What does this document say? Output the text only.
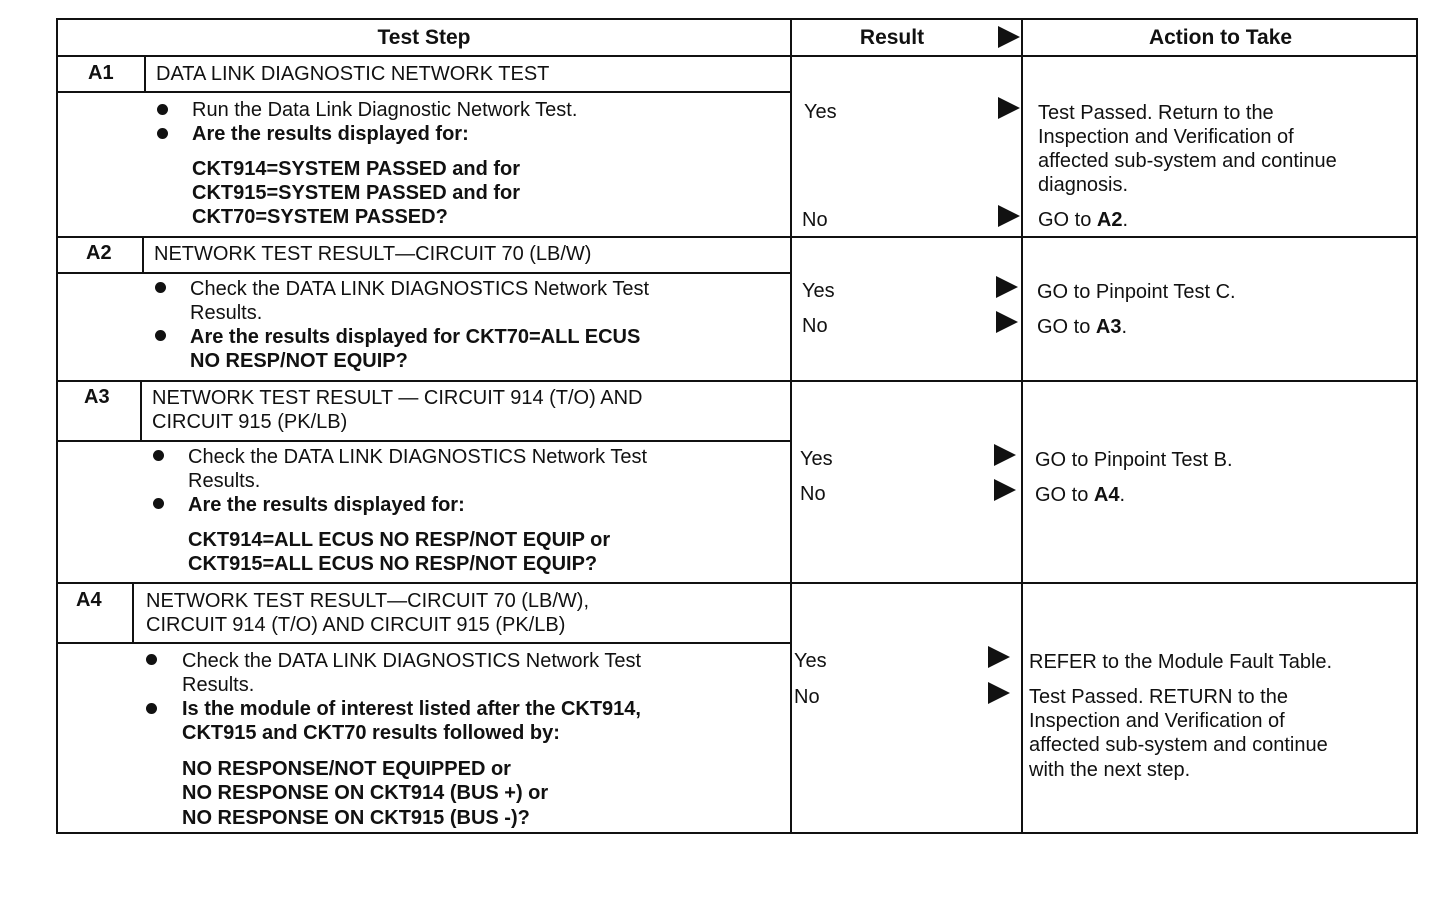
Test Step	Result	Action to Take
A1 DATA LINK DIAGNOSTIC NETWORK TEST
Run the Data Link Diagnostic Network Test.
Are the results displayed for:
CKT914=SYSTEM PASSED and for
CKT915=SYSTEM PASSED and for
CKT70=SYSTEM PASSED?
Yes
No
Test Passed. Return to the
Inspection and Verification of
affected sub-system and continue
diagnosis.
GO to A2.
A2 NETWORK TEST RESULT—CIRCUIT 70 (LB/W)
Check the DATA LINK DIAGNOSTICS Network Test
Results.
Are the results displayed for CKT70=ALL ECUS
NO RESP/NOT EQUIP?
Yes
No
GO to Pinpoint Test C.
GO to A3.
A3 NETWORK TEST RESULT — CIRCUIT 914 (T/O) AND
CIRCUIT 915 (PK/LB)
Check the DATA LINK DIAGNOSTICS Network Test
Results.
Are the results displayed for:
CKT914=ALL ECUS NO RESP/NOT EQUIP or
CKT915=ALL ECUS NO RESP/NOT EQUIP?
Yes
No
GO to Pinpoint Test B.
GO to A4.
A4 NETWORK TEST RESULT—CIRCUIT 70 (LB/W),
CIRCUIT 914 (T/O) AND CIRCUIT 915 (PK/LB)
Check the DATA LINK DIAGNOSTICS Network Test
Results.
Is the module of interest listed after the CKT914,
CKT915 and CKT70 results followed by:
NO RESPONSE/NOT EQUIPPED or
NO RESPONSE ON CKT914 (BUS +) or
NO RESPONSE ON CKT915 (BUS -)?
Yes
No
REFER to the Module Fault Table.
Test Passed. RETURN to the
Inspection and Verification of
affected sub-system and continue
with the next step.
